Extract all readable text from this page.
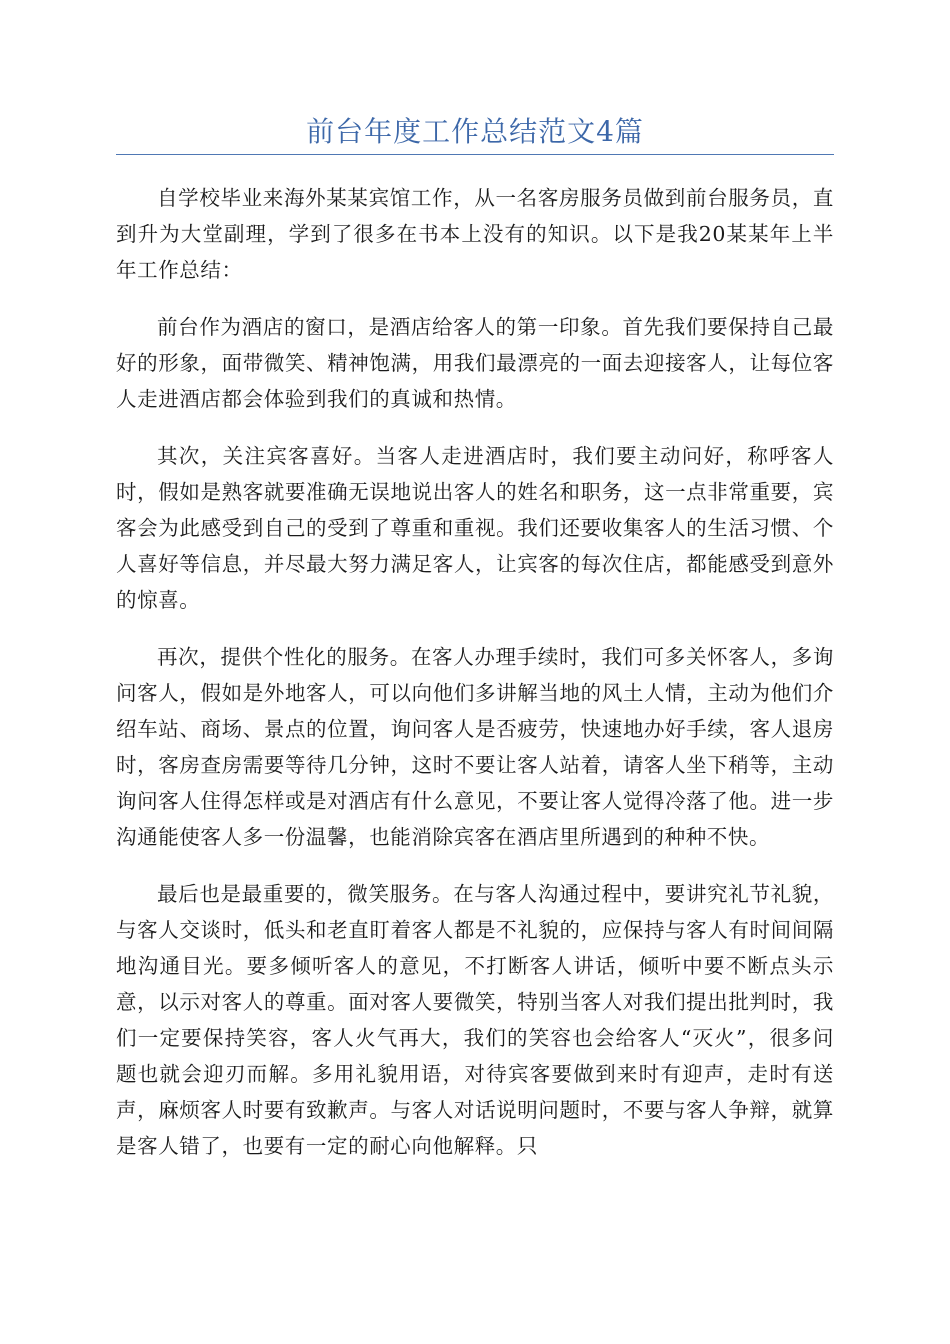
前台年度工作总结范文4篇

自学校毕业来海外某某宾馆工作，从一名客房服务员做到前台服务员，直到升为大堂副理，学到了很多在书本上没有的知识。以下是我20某某年上半年工作总结：

前台作为酒店的窗口，是酒店给客人的第一印象。首先我们要保持自己最好的形象，面带微笑、精神饱满，用我们最漂亮的一面去迎接客人，让每位客人走进酒店都会体验到我们的真诚和热情。

其次，关注宾客喜好。当客人走进酒店时，我们要主动问好，称呼客人时，假如是熟客就要准确无误地说出客人的姓名和职务，这一点非常重要，宾客会为此感受到自己的受到了尊重和重视。我们还要收集客人的生活习惯、个人喜好等信息，并尽最大努力满足客人，让宾客的每次住店，都能感受到意外的惊喜。

再次，提供个性化的服务。在客人办理手续时，我们可多关怀客人，多询问客人，假如是外地客人，可以向他们多讲解当地的风土人情，主动为他们介绍车站、商场、景点的位置，询问客人是否疲劳，快速地办好手续，客人退房时，客房查房需要等待几分钟，这时不要让客人站着，请客人坐下稍等，主动询问客人住得怎样或是对酒店有什么意见，不要让客人觉得冷落了他。进一步沟通能使客人多一份温馨，也能消除宾客在酒店里所遇到的种种不快。

最后也是最重要的，微笑服务。在与客人沟通过程中，要讲究礼节礼貌，与客人交谈时，低头和老直盯着客人都是不礼貌的，应保持与客人有时间间隔地沟通目光。要多倾听客人的意见，不打断客人讲话，倾听中要不断点头示意，以示对客人的尊重。面对客人要微笑，特别当客人对我们提出批判时，我们一定要保持笑容，客人火气再大，我们的笑容也会给客人“灭火”，很多问题也就会迎刃而解。多用礼貌用语，对待宾客要做到来时有迎声，走时有送声，麻烦客人时要有致歉声。与客人对话说明问题时，不要与客人争辩，就算是客人错了，也要有一定的耐心向他解释。只
